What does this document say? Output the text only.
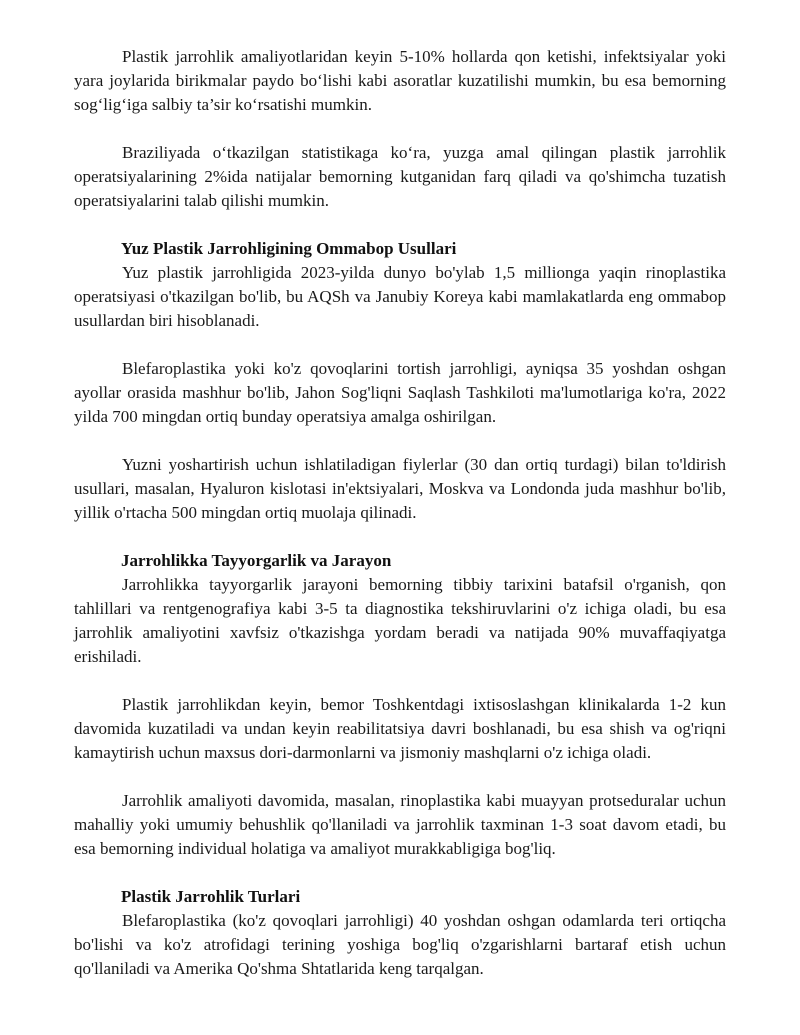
Plastik jarrohlik amaliyotlaridan keyin 5-10% hollarda qon ketishi, infektsiyalar yoki yara joylarida birikmalar paydo bo‘lishi kabi asoratlar kuzatilishi mumkin, bu esa bemorning sog‘lig‘iga salbiy ta’sir ko‘rsatishi mumkin.

Braziliyada o‘tkazilgan statistikaga ko‘ra, yuzga amal qilingan plastik jarrohlik operatsiyalarining 2%ida natijalar bemorning kutganidan farq qiladi va qo'shimcha tuzatish operatsiyalarini talab qilishi mumkin.

Yuz Plastik Jarrohligining Ommabop Usullari

Yuz plastik jarrohligida 2023-yilda dunyo bo'ylab 1,5 millionga yaqin rinoplastika operatsiyasi o'tkazilgan bo'lib, bu AQSh va Janubiy Koreya kabi mamlakatlarda eng ommabop usullardan biri hisoblanadi.

Blefaroplastika yoki ko'z qovoqlarini tortish jarrohligi, ayniqsa 35 yoshdan oshgan ayollar orasida mashhur bo'lib, Jahon Sog'liqni Saqlash Tashkiloti ma'lumotlariga ko'ra, 2022 yilda 700 mingdan ortiq bunday operatsiya amalga oshirilgan.

Yuzni yoshartirish uchun ishlatiladigan fiylerlar (30 dan ortiq turdagi) bilan to'ldirish usullari, masalan, Hyaluron kislotasi in'ektsiyalari, Moskva va Londonda juda mashhur bo'lib, yillik o'rtacha 500 mingdan ortiq muolaja qilinadi.

Jarrohlikka Tayyorgarlik va Jarayon

Jarrohlikka tayyorgarlik jarayoni bemorning tibbiy tarixini batafsil o'rganish, qon tahlillari va rentgenografiya kabi 3-5 ta diagnostika tekshiruvlarini o'z ichiga oladi, bu esa jarrohlik amaliyotini xavfsiz o'tkazishga yordam beradi va natijada 90% muvaffaqiyatga erishiladi.

Plastik jarrohlikdan keyin, bemor Toshkentdagi ixtisoslashgan klinikalarda 1-2 kun davomida kuzatiladi va undan keyin reabilitatsiya davri boshlanadi, bu esa shish va og'riqni kamaytirish uchun maxsus dori-darmonlarni va jismoniy mashqlarni o'z ichiga oladi.

Jarrohlik amaliyoti davomida, masalan, rinoplastika kabi muayyan protseduralar uchun mahalliy yoki umumiy behushlik qo'llaniladi va jarrohlik taxminan 1-3 soat davom etadi, bu esa bemorning individual holatiga va amaliyot murakkabligiga bog'liq.

Plastik Jarrohlik Turlari

Blefaroplastika (ko'z qovoqlari jarrohligi) 40 yoshdan oshgan odamlarda teri ortiqcha bo'lishi va ko'z atrofidagi terining yoshiga bog'liq o'zgarishlarni bartaraf etish uchun qo'llaniladi va Amerika Qo'shma Shtatlarida keng tarqalgan.
